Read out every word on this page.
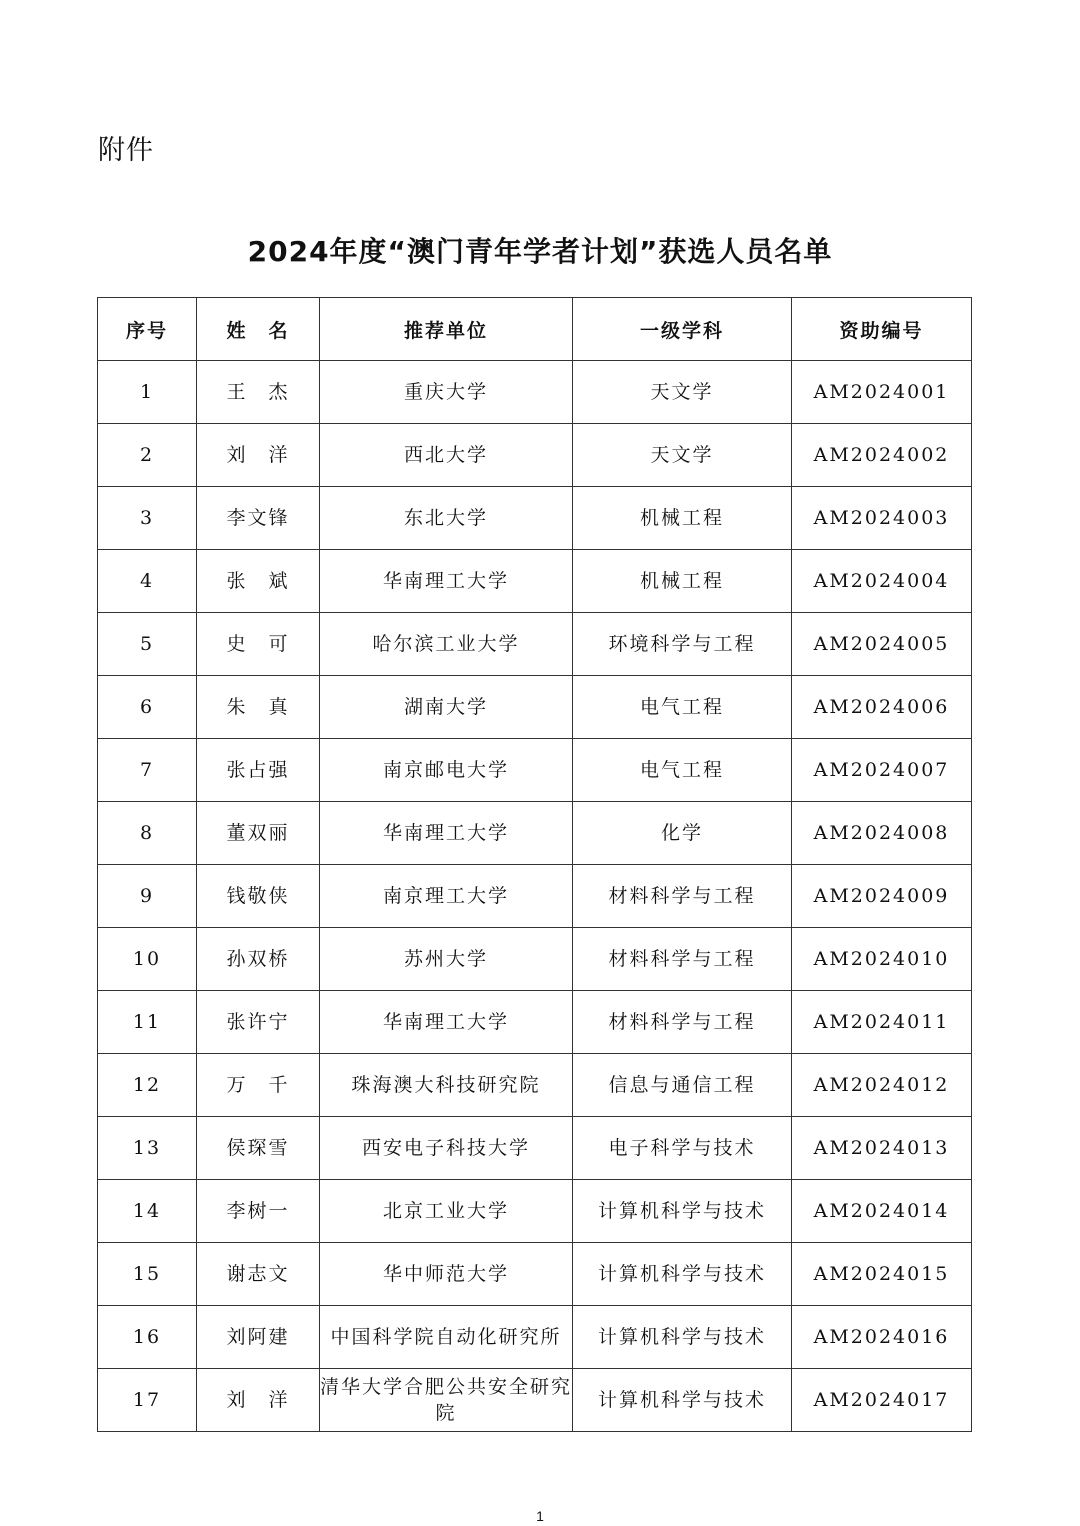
附件
2024年度“澳门青年学者计划”获选人员名单
序号	姓　名	推荐单位	一级学科	资助编号
1	王　杰	重庆大学	天文学	AM2024001
2	刘　洋	西北大学	天文学	AM2024002
3	李文锋	东北大学	机械工程	AM2024003
4	张　斌	华南理工大学	机械工程	AM2024004
5	史　可	哈尔滨工业大学	环境科学与工程	AM2024005
6	朱　真	湖南大学	电气工程	AM2024006
7	张占强	南京邮电大学	电气工程	AM2024007
8	董双丽	华南理工大学	化学	AM2024008
9	钱敬侠	南京理工大学	材料科学与工程	AM2024009
10	孙双桥	苏州大学	材料科学与工程	AM2024010
11	张许宁	华南理工大学	材料科学与工程	AM2024011
12	万　千	珠海澳大科技研究院	信息与通信工程	AM2024012
13	侯琛雪	西安电子科技大学	电子科学与技术	AM2024013
14	李树一	北京工业大学	计算机科学与技术	AM2024014
15	谢志文	华中师范大学	计算机科学与技术	AM2024015
16	刘阿建	中国科学院自动化研究所	计算机科学与技术	AM2024016
17	刘　洋	清华大学合肥公共安全研究院	计算机科学与技术	AM2024017
1
